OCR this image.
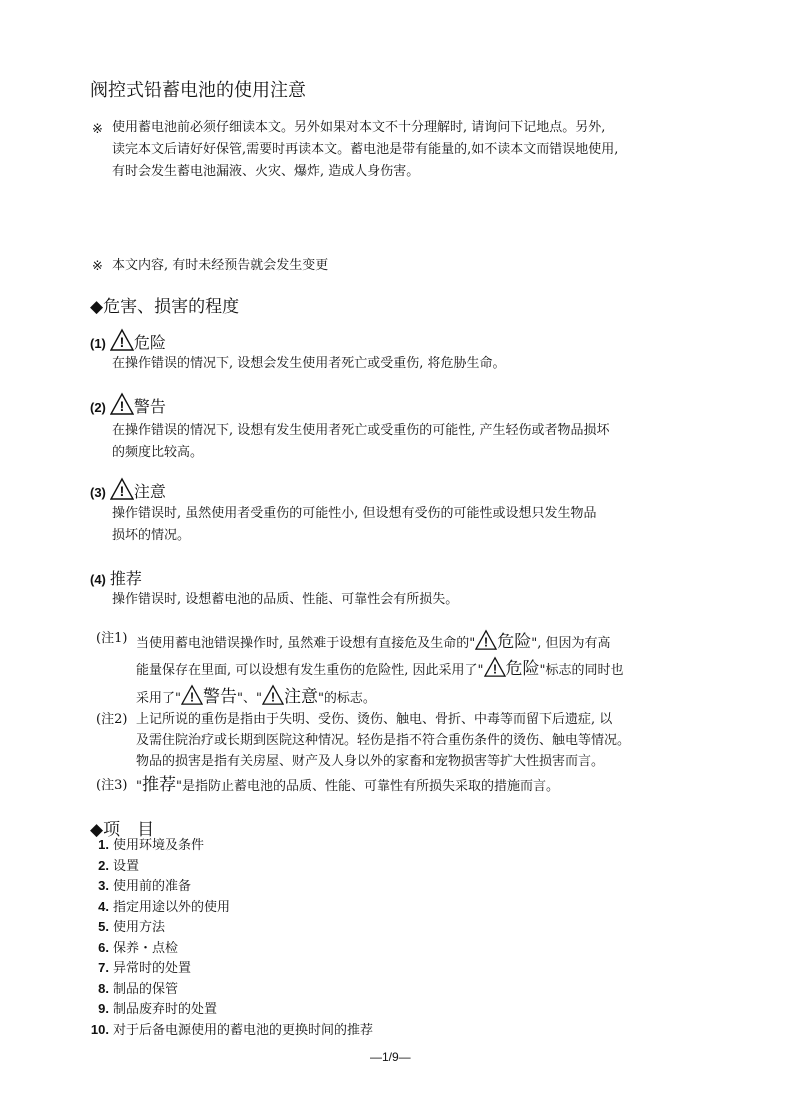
阀控式铅蓄电池的使用注意
※ 使用蓄电池前必须仔细读本文。另外如果对本文不十分理解时, 请询问下记地点。另外,
读完本文后请好好保管,需要时再读本文。蓄电池是带有能量的,如不读本文而错误地使用,
有时会发生蓄电池漏液、火灾、爆炸, 造成人身伤害。
※ 本文内容, 有时未经预告就会发生变更
◆危害、损害的程度
(1) ! 危险
在操作错误的情况下, 设想会发生使用者死亡或受重伤, 将危胁生命。
(2) ! 警告
在操作错误的情况下, 设想有发生使用者死亡或受重伤的可能性, 产生轻伤或者物品损坏
的频度比较高。
(3) ! 注意
操作错误时, 虽然使用者受重伤的可能性小, 但设想有受伤的可能性或设想只发生物品
损坏的情况。
(4) 推荐
操作错误时, 设想蓄电池的品质、性能、可靠性会有所损失。
(注1) 当使用蓄电池错误操作时, 虽然难于设想有直接危及生命的" ! 危险", 但因为有高
能量保存在里面, 可以设想有发生重伤的危险性, 因此采用了" ! 危险"标志的同时也
采用了" ! 警告"、" ! 注意"的标志。
(注2) 上记所说的重伤是指由于失明、受伤、烫伤、触电、骨折、中毒等而留下后遗症, 以
及需住院治疗或长期到医院这种情况。轻伤是指不符合重伤条件的烫伤、触电等情况。
物品的损害是指有关房屋、财产及人身以外的家畜和宠物损害等扩大性损害而言。
(注3) "推荐"是指防止蓄电池的品质、性能、可靠性有所损失采取的措施而言。
◆项　目
1. 使用环境及条件
2. 设置
3. 使用前的准备
4. 指定用途以外的使用
5. 使用方法
6. 保养・点检
7. 异常时的处置
8. 制品的保管
9. 制品废弃时的处置
10. 对于后备电源使用的蓄电池的更换时间的推荐
—1/9—
